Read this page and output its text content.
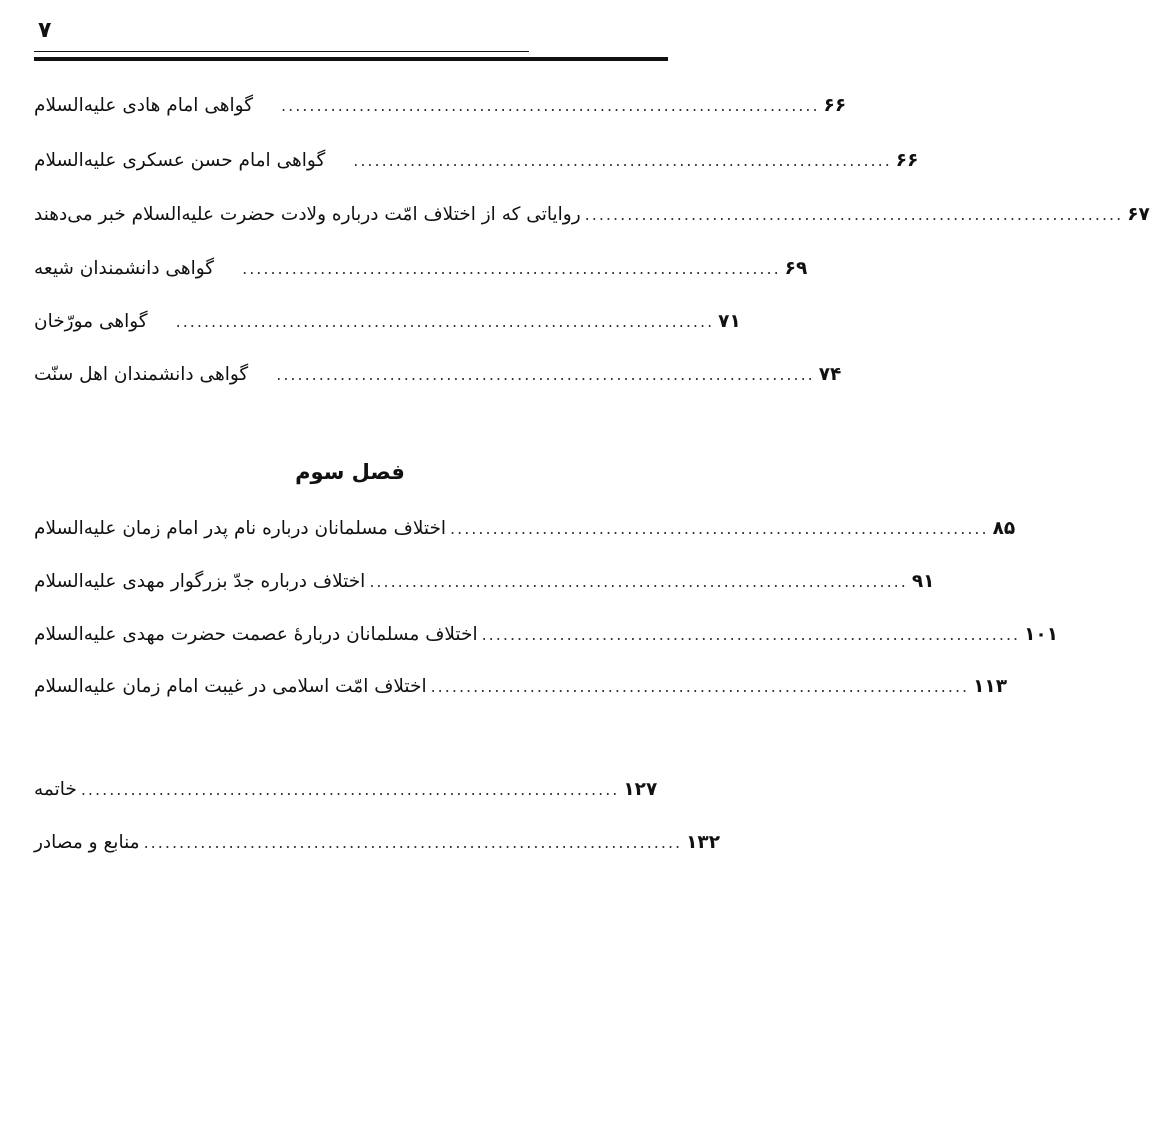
۷
گواهی امام هادی علیه‌السلام ............................................................................ ۶۶
گواهی امام حسن عسکری علیه‌السلام ............................................................................ ۶۶
روایاتی که از اختلاف امّت درباره ولادت حضرت علیه‌السلام خبر می‌دهند ............................................................................ ۶۷
گواهی دانشمندان شیعه ............................................................................ ۶۹
گواهی مورّخان ............................................................................ ۷۱
گواهی دانشمندان اهل سنّت ............................................................................ ۷۴
فصل سوم
اختلاف مسلمانان درباره نام پدر امام زمان علیه‌السلام ............................................................................ ۸۵
اختلاف درباره جدّ بزرگوار مهدی علیه‌السلام ............................................................................ ۹۱
اختلاف مسلمانان دربارهٔ عصمت حضرت مهدی علیه‌السلام ............................................................................ ۱۰۱
اختلاف امّت اسلامی در غیبت امام زمان علیه‌السلام ............................................................................ ۱۱۳
خاتمه ............................................................................ ۱۲۷
منابع و مصادر ............................................................................ ۱۳۲
